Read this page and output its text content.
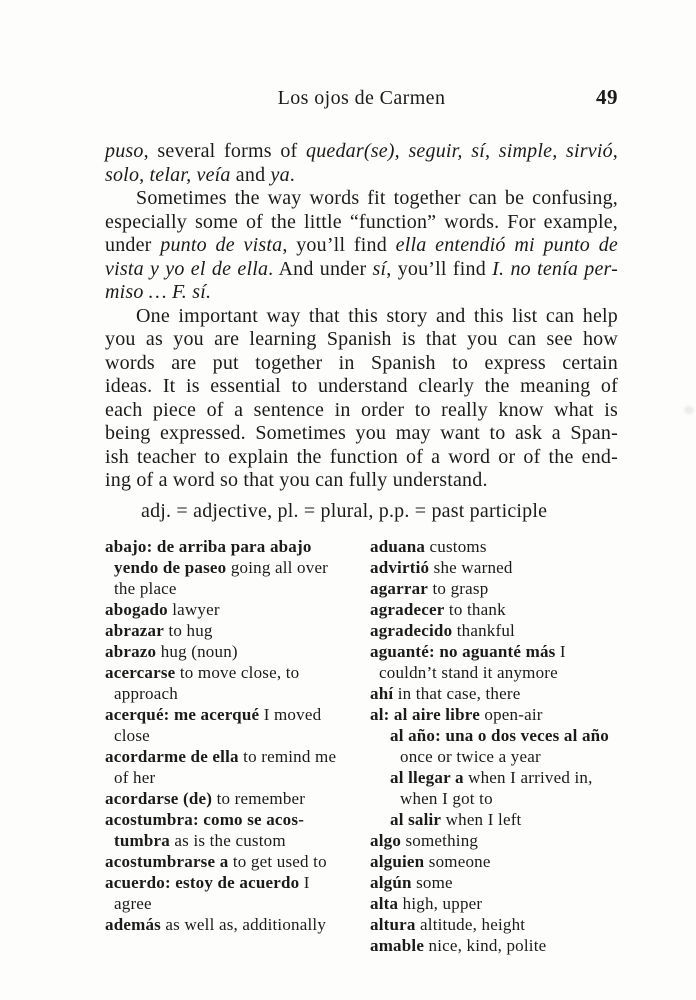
Los ojos de Carmen	49
puso, several forms of quedar(se), seguir, sí, simple, sirvió,
solo, telar, veía and ya.
Sometimes the way words fit together can be confusing,
especially some of the little “function” words. For example,
under punto de vista, you’ll find ella entendió mi punto de
vista y yo el de ella. And under sí, you’ll find I. no tenía per-
miso … F. sí.
One important way that this story and this list can help
you as you are learning Spanish is that you can see how
words are put together in Spanish to express certain
ideas. It is essential to understand clearly the meaning of
each piece of a sentence in order to really know what is
being expressed. Sometimes you may want to ask a Span-
ish teacher to explain the function of a word or of the end-
ing of a word so that you can fully understand.
adj. = adjective, pl. = plural, p.p. = past participle
abajo: de arriba para abajo yendo de paseo going all over the place
abogado lawyer
abrazar to hug
abrazo hug (noun)
acercarse to move close, to approach
acerqué: me acerqué I moved close
acordarme de ella to remind me of her
acordarse (de) to remember
acostumbra: como se acostumbra as is the custom
acostumbrarse a to get used to
acuerdo: estoy de acuerdo I agree
además as well as, additionally
aduana customs
advirtió she warned
agarrar to grasp
agradecer to thank
agradecido thankful
aguanté: no aguanté más I couldn’t stand it anymore
ahí in that case, there
al: al aire libre open-air
al año: una o dos veces al año once or twice a year
al llegar a when I arrived in, when I got to
al salir when I left
algo something
alguien someone
algún some
alta high, upper
altura altitude, height
amable nice, kind, polite
